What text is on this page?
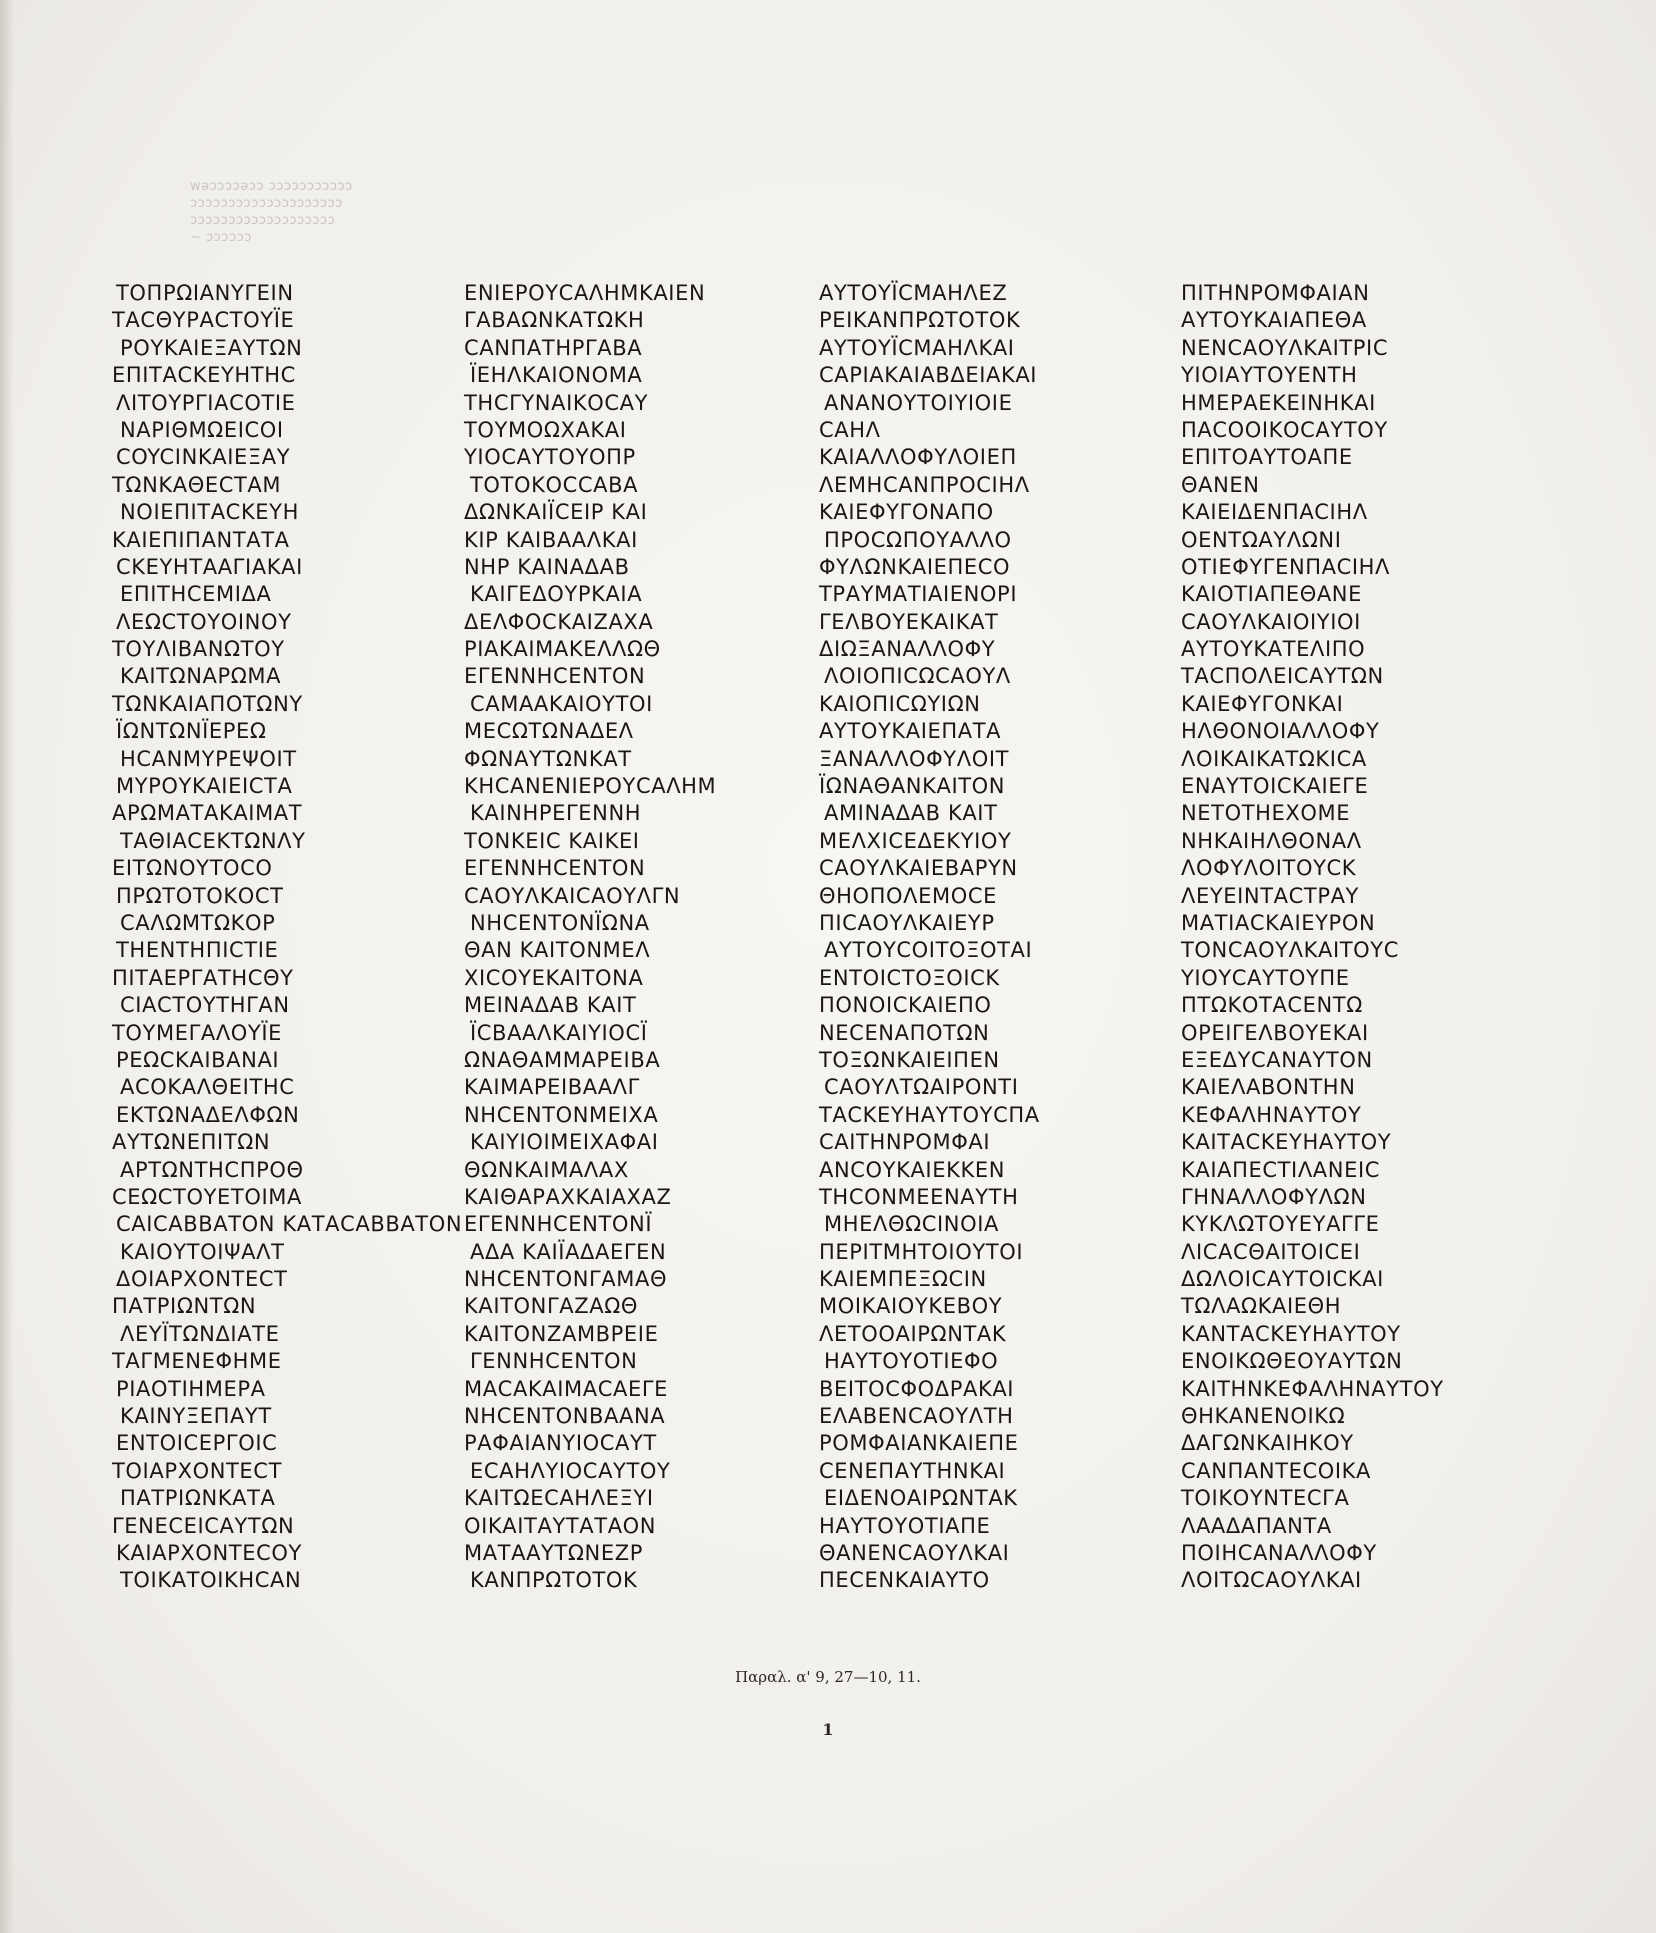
wəɔɔɔɔəɔɔ ɔɔɔɔɔɔɔɔɔɔɔ
ɔɔɔɔɔɔɔɔɔɔɔɔɔɔɔɔɔɔɔɔ
ɔɔɔɔɔɔɔɔɔɔɔɔɔɔɔɔɔɔɔ
~ ɔɔɔɔɔɔ
ΤΟΠΡΩΙΑΝΥΓΕΙΝ
ΤΑCΘΥΡΑCΤΟΥΪΕ
ΡΟΥΚΑΙΕΞΑΥΤΩΝ
ΕΠΙΤΑCΚΕΥΗΤΗC
ΛΙΤΟΥΡΓΙΑCΟΤΙΕ
ΝΑΡΙΘΜΩΕΙCΟΙ
COYCINΚΑΙΕΞΑΥ
ΤΩΝΚΑΘΕCΤΑΜ
ΝΟΙΕΠΙΤΑCΚΕΥΗ
ΚΑΙΕΠΙΠΑΝΤΑΤΑ
CΚΕΥΗΤΑΑΓΙΑΚΑΙ
ΕΠΙΤΗCΕΜΙΔΑ
ΛΕΩCΤΟΥΟΙΝΟΥ
ΤΟΥΛΙΒΑΝΩΤΟΥ
ΚΑΙΤΩΝΑΡΩΜΑ
ΤΩΝΚΑΙΑΠΟΤΩΝΥ
ΪΩΝΤΩΝΪΕΡΕΩ
ΗCΑΝΜΥΡΕΨΟΙΤ
ΜΥΡΟΥΚΑΙΕΙCΤΑ
ΑΡΩΜΑΤΑΚΑΙΜΑΤ
ΤΑΘΙΑCΕΚΤΩΝΛΥ
ΕΙΤΩΝΟΥΤΟCΟ
ΠΡΩΤΟΤΟΚΟCΤ
CΑΛΩΜΤΩΚΟΡ
ΤΗΕΝΤΗΠΙCΤΙΕ
ΠΙΤΑΕΡΓΑΤΗCΘΥ
CΙΑCΤΟΥΤΗΓΑΝ
ΤΟΥΜΕΓΑΛΟΥΪΕ
ΡΕΩCΚΑΙΒΑΝΑΙ
ΑCΟΚΑΛΘΕΙΤΗC
ΕΚΤΩΝΑΔΕΛΦΩΝ
ΑΥΤΩΝΕΠΙΤΩΝ
ΑΡΤΩΝΤΗCΠΡΟΘ
CΕΩCΤΟΥΕΤΟΙΜΑ
CΑΙCΑΒΒΑΤΟΝ ΚΑΤΑCΑΒΒΑΤΟΝ
ΚΑΙΟΥΤΟΙΨΑΛΤ
ΔΟΙΑΡΧΟΝΤΕCΤ
ΠΑΤΡΙΩΝΤΩΝ
ΛΕΥΪΤΩΝΔΙΑΤΕ
ΤΑΓΜΕΝΕΦΗΜΕ
ΡΙΑΟΤΙΗΜΕΡΑ
ΚΑΙΝΥΞΕΠΑΥΤ
ΕΝΤΟΙCΕΡΓΟΙC
ΤΟΙΑΡΧΟΝΤΕCΤ
ΠΑΤΡΙΩΝΚΑΤΑ
ΓΕΝΕCΕΙCΑΥΤΩΝ
ΚΑΙΑΡΧΟΝΤΕCΟΥ
ΤΟΙΚΑΤΟΙΚΗCΑΝ
ΕΝΙΕΡΟΥCΑΛΗΜΚΑΙΕΝ
ΓΑΒΑΩΝΚΑΤΩΚΗ
CΑΝΠΑΤΗΡΓΑΒΑ
ΪΕΗΛΚΑΙΟΝΟΜΑ
ΤΗCΓΥΝΑΙΚΟCΑΥ
ΤΟΥΜΟΩΧΑΚΑΙ
ΥΙΟCΑΥΤΟΥΟΠΡ
ΤΟΤΟΚΟCCΑΒΑ
ΔΩΝΚΑΙΪCΕΙΡ ΚΑΙ
ΚΙΡ ΚΑΙΒΑΑΛΚΑΙ
ΝΗΡ ΚΑΙΝΑΔΑΒ
ΚΑΙΓΕΔΟΥΡΚΑΙΑ
ΔΕΛΦΟCΚΑΙΖΑΧΑ
ΡΙΑΚΑΙΜΑΚΕΛΛΩΘ
ΕΓΕΝΝΗCΕΝΤΟΝ
CΑΜΑΑΚΑΙΟΥΤΟΙ
ΜΕCΩΤΩΝΑΔΕΛ
ΦΩΝΑΥΤΩΝΚΑΤ
ΚΗCΑΝΕΝΙΕΡΟΥCΑΛΗΜ
ΚΑΙΝΗΡΕΓΕΝΝΗ
ΤΟΝΚΕΙC ΚΑΙΚΕΙ
ΕΓΕΝΝΗCΕΝΤΟΝ
CΑΟΥΛΚΑΙCΑΟΥΛΓΝ
ΝΗCΕΝΤΟΝΪΩΝΑ
ΘΑΝ ΚΑΙΤΟΝΜΕΛ
ΧΙCΟΥΕΚΑΙΤΟΝΑ
ΜΕΙΝΑΔΑΒ ΚΑΙΤ
ΪCΒΑΑΛΚΑΙΥΙΟCΪ
ΩΝΑΘΑΜΜΑΡΕΙΒΑ
ΚΑΙΜΑΡΕΙΒΑΑΛΓ
ΝΗCΕΝΤΟΝΜΕΙΧΑ
ΚΑΙΥΙΟΙΜΕΙΧΑΦΑΙ
ΘΩΝΚΑΙΜΑΛΑΧ
ΚΑΙΘΑΡΑΧΚΑΙΑΧΑΖ
ΕΓΕΝΝΗCΕΝΤΟΝΪ
ΑΔΑ ΚΑΙΪΑΔΑΕΓΕΝ
ΝΗCΕΝΤΟΝΓΑΜΑΘ
ΚΑΙΤΟΝΓΑΖΑΩΘ
ΚΑΙΤΟΝΖΑΜΒΡΕΙΕ
ΓΕΝΝΗCΕΝΤΟΝ
ΜΑCΑΚΑΙΜΑCΑΕΓΕ
ΝΗCΕΝΤΟΝΒΑΑΝΑ
ΡΑΦΑΙΑΝΥΙΟCΑΥΤ
ΕCΑΗΛΥΙΟCΑΥΤΟΥ
ΚΑΙΤΩΕCΑΗΛΕΞΥΙ
ΟΙΚΑΙΤΑΥΤΑΤΑΟΝ
ΜΑΤΑΑΥΤΩΝΕΖΡ
ΚΑΝΠΡΩΤΟΤΟΚ
ΑΥΤΟΥΪCΜΑΗΛΕΖ
ΡΕΙΚΑΝΠΡΩΤΟΤΟΚ
ΑΥΤΟΥΪCΜΑΗΛΚΑΙ
CΑΡΙΑΚΑΙΑΒΔΕΙΑΚΑΙ
ΑΝΑΝΟΥΤΟΙΥΙΟΙΕ
CΑΗΛ
ΚΑΙΑΛΛΟΦΥΛΟΙΕΠ
ΛΕΜΗCΑΝΠΡΟCΙΗΛ
ΚΑΙΕΦΥΓΟΝΑΠΟ
ΠΡΟCΩΠΟΥΑΛΛΟ
ΦΥΛΩΝΚΑΙΕΠΕCΟ
ΤΡΑΥΜΑΤΙΑΙΕΝΟΡΙ
ΓΕΛΒΟΥΕΚΑΙΚΑΤ
ΔΙΩΞΑΝΑΛΛΟΦΥ
ΛΟΙΟΠΙCΩCΑΟΥΛ
ΚΑΙΟΠΙCΩΥΙΩΝ
ΑΥΤΟΥΚΑΙΕΠΑΤΑ
ΞΑΝΑΛΛΟΦΥΛΟΙΤ
ΪΩΝΑΘΑΝΚΑΙΤΟΝ
ΑΜΙΝΑΔΑΒ ΚΑΙΤ
ΜΕΛΧΙCΕΔΕΚΥΙΟΥ
CΑΟΥΛΚΑΙΕΒΑΡΥΝ
ΘΗΟΠΟΛΕΜΟCΕ
ΠΙCΑΟΥΛΚΑΙΕΥΡ
ΑΥΤΟΥCΟΙΤΟΞΟΤΑΙ
ΕΝΤΟΙCΤΟΞΟΙCΚ
ΠΟΝΟΙCΚΑΙΕΠΟ
ΝΕCΕΝΑΠΟΤΩΝ
ΤΟΞΩΝΚΑΙΕΙΠΕΝ
CΑΟΥΛΤΩΑΙΡΟΝΤΙ
ΤΑCΚΕΥΗΑΥΤΟΥCΠΑ
CΑΙΤΗΝΡΟΜΦΑΙ
ΑΝCΟΥΚΑΙΕΚΚΕΝ
ΤΗCΟΝΜΕΕΝΑΥΤΗ
ΜΗΕΛΘΩCΙΝΟΙΑ
ΠΕΡΙΤΜΗΤΟΙΟΥΤΟΙ
ΚΑΙΕΜΠΕΞΩCΙΝ
ΜΟΙΚΑΙΟΥΚΕΒΟΥ
ΛΕΤΟΟΑΙΡΩΝΤΑΚ
ΗΑΥΤΟΥΟΤΙΕΦΟ
ΒΕΙΤΟCΦΟΔΡΑΚΑΙ
ΕΛΑΒΕΝCΑΟΥΛΤΗ
ΡΟΜΦΑΙΑΝΚΑΙΕΠΕ
CΕΝΕΠΑΥΤΗΝΚΑΙ
ΕΙΔΕΝΟΑΙΡΩΝΤΑΚ
ΗΑΥΤΟΥΟΤΙΑΠΕ
ΘΑΝΕΝCΑΟΥΛΚΑΙ
ΠΕCΕΝΚΑΙΑΥΤΟ
ΠΙΤΗΝΡΟΜΦΑΙΑΝ
ΑΥΤΟΥΚΑΙΑΠΕΘΑ
ΝΕΝCΑΟΥΛΚΑΙΤΡΙC
ΥΙΟΙΑΥΤΟΥΕΝΤΗ
ΗΜΕΡΑΕΚΕΙΝΗΚΑΙ
ΠΑCΟΟΙΚΟCΑΥΤΟΥ
ΕΠΙΤΟΑΥΤΟΑΠΕ
ΘΑΝΕΝ
ΚΑΙΕΙΔΕΝΠΑCΙΗΛ
ΟΕΝΤΩΑΥΛΩΝΙ
ΟΤΙΕΦΥΓΕΝΠΑCΙΗΛ
ΚΑΙΟΤΙΑΠΕΘΑΝΕ
CΑΟΥΛΚΑΙΟΙΥΙΟΙ
ΑΥΤΟΥΚΑΤΕΛΙΠΟ
ΤΑCΠΟΛΕΙCΑΥΤΩΝ
ΚΑΙΕΦΥΓΟΝΚΑΙ
ΗΛΘΟΝΟΙΑΛΛΟΦΥ
ΛΟΙΚΑΙΚΑΤΩΚΙCΑ
ΕΝΑΥΤΟΙCΚΑΙΕΓΕ
ΝΕΤΟΤΗΕΧΟΜΕ
ΝΗΚΑΙΗΛΘΟΝΑΛ
ΛΟΦΥΛΟΙΤΟΥCΚ
ΛΕΥΕΙΝΤΑCΤΡΑΥ
ΜΑΤΙΑCΚΑΙΕΥΡΟΝ
ΤΟΝCΑΟΥΛΚΑΙΤΟΥC
ΥΙΟΥCΑΥΤΟΥΠΕ
ΠΤΩΚΟΤΑCΕΝΤΩ
ΟΡΕΙΓΕΛΒΟΥΕΚΑΙ
ΕΞΕΔΥCΑΝΑΥΤΟΝ
ΚΑΙΕΛΑΒΟΝΤΗΝ
ΚΕΦΑΛΗΝΑΥΤΟΥ
ΚΑΙΤΑCΚΕΥΗΑΥΤΟΥ
ΚΑΙΑΠΕCΤΙΛΑΝΕΙC
ΓΗΝΑΛΛΟΦΥΛΩΝ
ΚΥΚΛΩΤΟΥΕΥΑΓΓΕ
ΛΙCΑCΘΑΙΤΟΙCΕΙ
ΔΩΛΟΙCΑΥΤΟΙCΚΑΙ
ΤΩΛΑΩΚΑΙΕΘΗ
ΚΑΝΤΑCΚΕΥΗΑΥΤΟΥ
ΕΝΟΙΚΩΘΕΟΥΑΥΤΩΝ
ΚΑΙΤΗΝΚΕΦΑΛΗΝΑΥΤΟΥ
ΘΗΚΑΝΕΝΟΙΚΩ
ΔΑΓΩΝΚΑΙΗΚΟΥ
CΑΝΠΑΝΤΕCΟΙΚΑ
ΤΟΙΚΟΥΝΤΕCΓΑ
ΛΑΑΔΑΠΑΝΤΑ
ΠΟΙΗCΑΝΑΛΛΟΦΥ
ΛΟΙΤΩCΑΟΥΛΚΑΙ
Παραλ. α' 9, 27—10, 11.
1
